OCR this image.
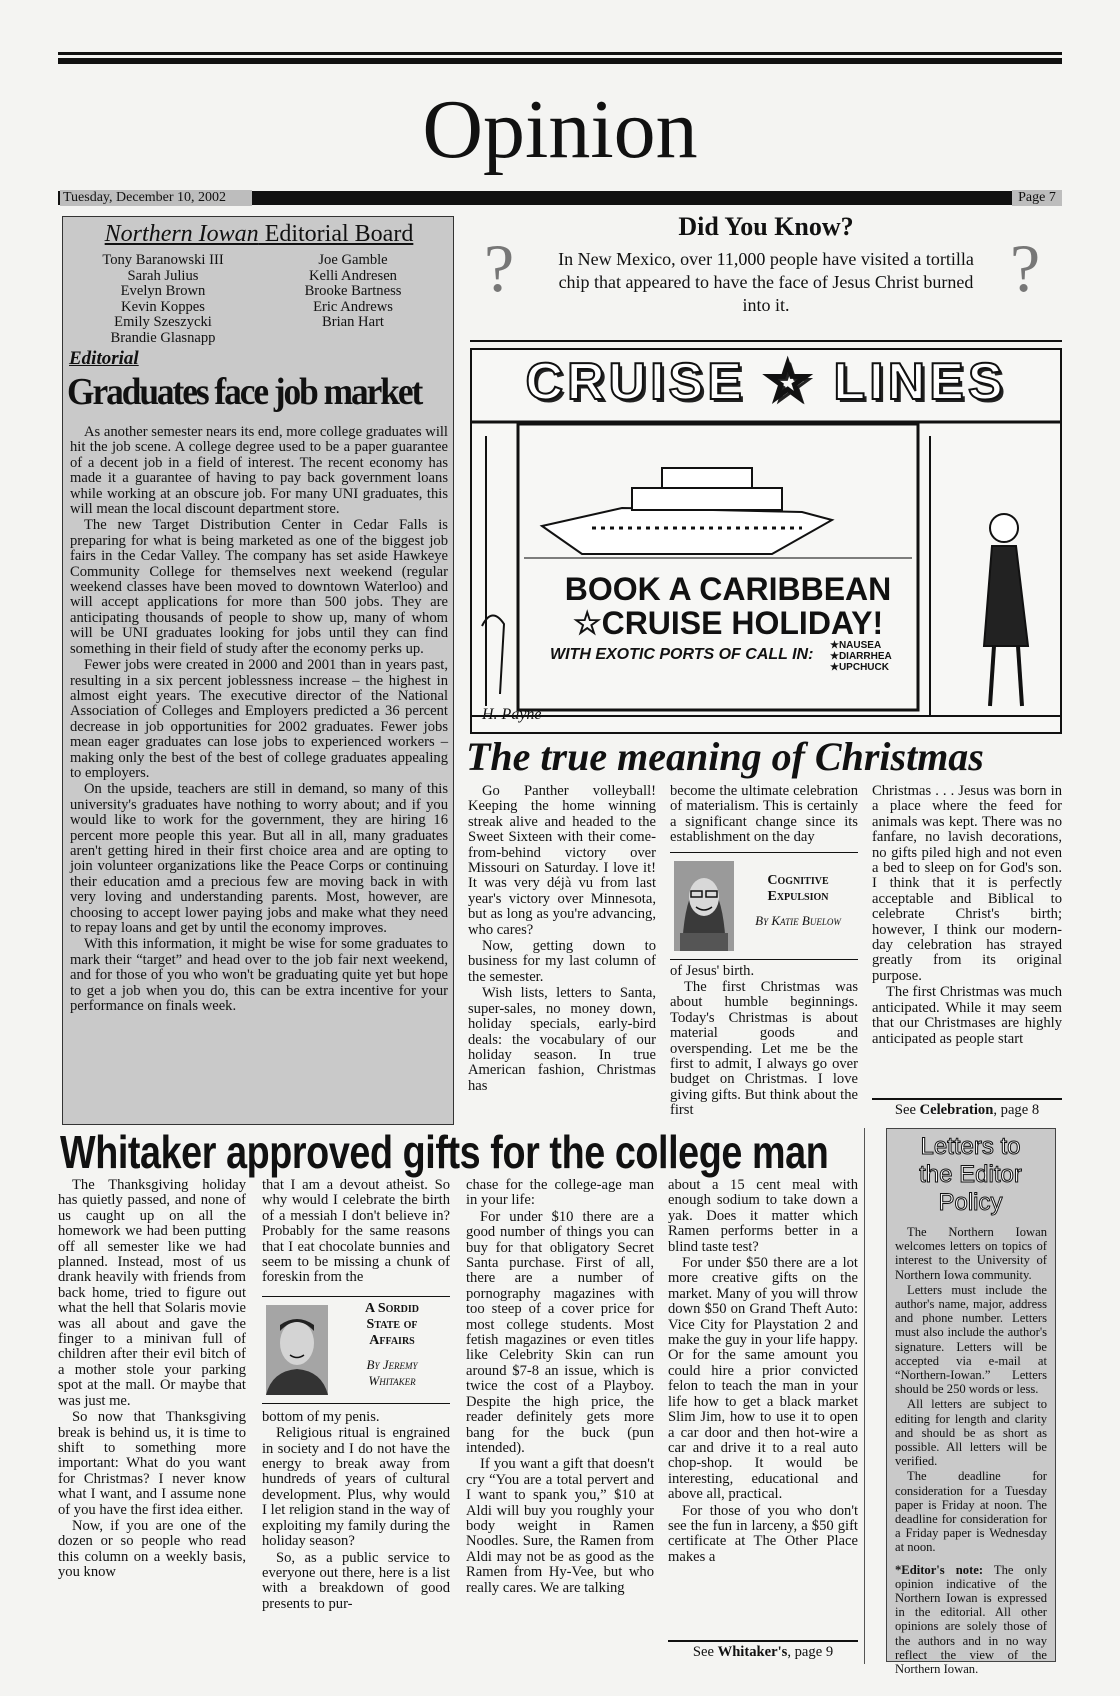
Opinion
Tuesday, December 10, 2002	Page 7
Northern Iowan Editorial Board
Tony Baranowski III
Sarah Julius
Evelyn Brown
Kevin Koppes
Emily Szeszycki
Brandie Glasnapp
Joe Gamble
Kelli Andresen
Brooke Bartness
Eric Andrews
Brian Hart
Editorial
Graduates face job market

As another semester nears its end, more college graduates will hit the job scene. A college degree used to be a paper guarantee of a decent job in a field of interest. The recent economy has made it a guarantee of having to pay back government loans while working at an obscure job. For many UNI graduates, this will mean the local discount department store.

The new Target Distribution Center in Cedar Falls is preparing for what is being marketed as one of the biggest job fairs in the Cedar Valley. The company has set aside Hawkeye Community College for themselves next weekend (regular weekend classes have been moved to downtown Waterloo) and will accept applications for more than 500 jobs. They are anticipating thousands of people to show up, many of whom will be UNI graduates looking for jobs until they can find something in their field of study after the economy perks up.

Fewer jobs were created in 2000 and 2001 than in years past, resulting in a six percent joblessness increase – the highest in almost eight years. The executive director of the National Association of Colleges and Employers predicted a 36 percent decrease in job opportunities for 2002 graduates. Fewer jobs mean eager graduates can lose jobs to experienced workers – making only the best of the best of college graduates appealing to employers.

On the upside, teachers are still in demand, so many of this university's graduates have nothing to worry about; and if you would like to work for the government, they are hiring 16 percent more people this year. But all in all, many graduates aren't getting hired in their first choice area and are opting to join volunteer organizations like the Peace Corps or continuing their education amd a precious few are moving back in with very loving and understanding parents. Most, however, are choosing to accept lower paying jobs and make what they need to repay loans and get by until the economy improves.

With this information, it might be wise for some graduates to mark their “target” and head over to the job fair next weekend, and for those of you who won't be graduating quite yet but hope to get a job when you do, this can be extra incentive for your performance on finals week.

Did You Know?
?	?
In New Mexico, over 11,000 people have visited a tortilla chip that appeared to have the face of Jesus Christ burned into it.
CRUISE ☆ LINES
BOOK A CARIBBEAN
☆CRUISE HOLIDAY!
WITH EXOTIC PORTS OF CALL IN:
★NAUSEA
★DIARRHEA
★UPCHUCK
H. Payne
The true meaning of Christmas

Go Panther volleyball! Keeping the home winning streak alive and headed to the Sweet Sixteen with their come-from-behind victory over Missouri on Saturday. I love it! It was very déjà vu from last year's victory over Minnesota, but as long as you're advancing, who cares?

Now, getting down to business for my last column of the semester.

Wish lists, letters to Santa, super-sales, no money down, holiday specials, early-bird deals: the vocabulary of our holiday season. In true American fashion, Christmas has

become the ultimate celebration of materialism. This is certainly a significant change since its establishment on the day

Cognitive
Expulsion
By Katie Buelow

of Jesus' birth.

The first Christmas was about humble beginnings. Today's Christmas is about material goods and overspending. Let me be the first to admit, I always go over budget on Christmas. I love giving gifts. But think about the first

Christmas . . . Jesus was born in a place where the feed for animals was kept. There was no fanfare, no lavish decorations, no gifts piled high and not even a bed to sleep on for God's son. I think that it is perfectly acceptable and Biblical to celebrate Christ's birth; however, I think our modern-day celebration has strayed greatly from its original purpose.

The first Christmas was much anticipated. While it may seem that our Christmases are highly anticipated as people start

See Celebration, page 8
Whitaker approved gifts for the college man

The Thanksgiving holiday has quietly passed, and none of us caught up on all the homework we had been putting off all semester like we had planned. Instead, most of us drank heavily with friends from back home, tried to figure out what the hell that Solaris movie was all about and gave the finger to a minivan full of children after their evil bitch of a mother stole your parking spot at the mall. Or maybe that was just me.

So now that Thanksgiving break is behind us, it is time to shift to something more important: What do you want for Christmas? I never know what I want, and I assume none of you have the first idea either.

Now, if you are one of the dozen or so people who read this column on a weekly basis, you know

that I am a devout atheist. So why would I celebrate the birth of a messiah I don't believe in? Probably for the same reasons that I eat chocolate bunnies and seem to be missing a chunk of foreskin from the

A Sordid
State of
Affairs
By Jeremy
Whitaker

bottom of my penis.

Religious ritual is engrained in society and I do not have the energy to break away from hundreds of years of cultural development. Plus, why would I let religion stand in the way of exploiting my family during the holiday season?

So, as a public service to everyone out there, here is a list with a breakdown of good presents to pur-

chase for the college-age man in your life:

For under $10 there are a good number of things you can buy for that obligatory Secret Santa purchase. First of all, there are a number of pornography magazines with too steep of a cover price for most college students. Most fetish magazines or even titles like Celebrity Skin can run around $7-8 an issue, which is twice the cost of a Playboy. Despite the high price, the reader definitely gets more bang for the buck (pun intended).

If you want a gift that doesn't cry “You are a total pervert and I want to spank you,” $10 at Aldi will buy you roughly your body weight in Ramen Noodles. Sure, the Ramen from Aldi may not be as good as the Ramen from Hy-Vee, but who really cares. We are talking

about a 15 cent meal with enough sodium to take down a yak. Does it matter which Ramen performs better in a blind taste test?

For under $50 there are a lot more creative gifts on the market. Many of you will throw down $50 on Grand Theft Auto: Vice City for Playstation 2 and make the guy in your life happy. Or for the same amount you could hire a prior convicted felon to teach the man in your life how to get a black market Slim Jim, how to use it to open a car door and then hot-wire a car and drive it to a real auto chop-shop. It would be interesting, educational and above all, practical.

For those of you who don't see the fun in larceny, a $50 gift certificate at The Other Place makes a

See Whitaker's, page 9
Letters to
the Editor
Policy

The Northern Iowan welcomes letters on topics of interest to the University of Northern Iowa community.

Letters must include the author's name, major, address and phone number. Letters must also include the author's signature. Letters will be accepted via e-mail at “Northern-Iowan.” Letters should be 250 words or less.

All letters are subject to editing for length and clarity and should be as short as possible. All letters will be verified.

The deadline for consideration for a Tuesday paper is Friday at noon. The deadline for consideration for a Friday paper is Wednesday at noon.

*Editor's note: The only opinion indicative of the Northern Iowan is expressed in the editorial. All other opinions are solely those of the authors and in no way reflect the view of the Northern Iowan.
